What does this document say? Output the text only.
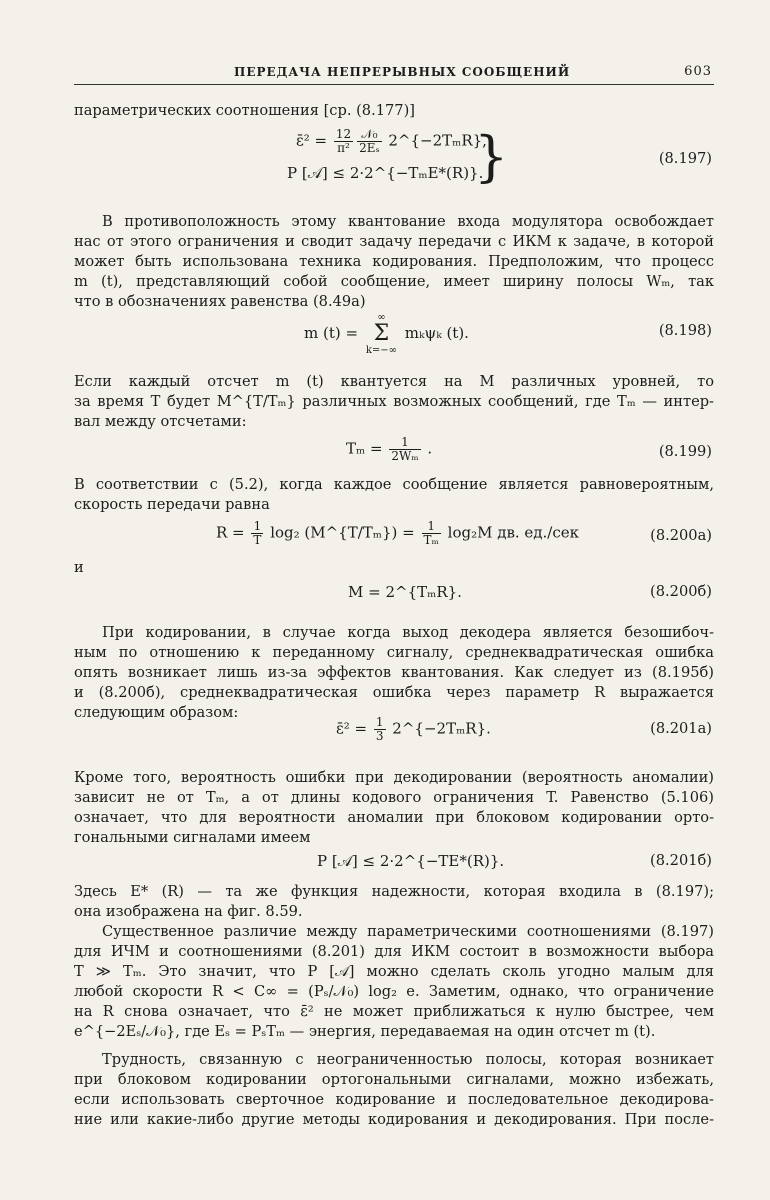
ПЕРЕДАЧА НЕПРЕРЫВНЫХ СООБЩЕНИЙ	603
параметрических соотношения [ср. (8.177)]
ε̄² = $\frac{12}{\text{π²}} \frac{\text{𝒩₀}}{\text{2Eₛ}}$ 2^{−2TₘR},
P [𝒜] ≤ 2·2^{−TₘE*(R)}.
}	(8.197)
В противоположность этому квантование входа модулятора освобождает
нас от этого ограничения и сводит задачу передачи с ИКМ к задаче, в которой
может быть использована техника кодирования. Предположим, что процесс
m (t), представляющий собой сообщение, имеет ширину полосы Wₘ, так
что в обозначениях равенства (8.49а)
m (t) = ∞
Σ
k=−∞ mₖψₖ (t).	(8.198)
Если каждый отсчет m (t) квантуется на M различных уровней, то
за время T будет M^{T/Tₘ} различных возможных сообщений, где Tₘ — интер-
вал между отсчетами:
$T_m = \frac{1}{\text{2Wₘ}}$ .	(8.199)
В соответствии с (5.2), когда каждое сообщение является равновероятным,
скорость передачи равна
$R = \frac{1}{T} \log_2$ (M^{T/Tₘ}) = $\frac{1}{\text{Tₘ}} \log_2M$ дв. ед./сек	(8.200а)
и
M = 2^{TₘR}.	(8.200б)
При кодировании, в случае когда выход декодера является безошибоч-
ным по отношению к переданному сигналу, среднеквадратическая ошибка
опять возникает лишь из-за эффектов квантования. Как следует из (8.195б)
и (8.200б), среднеквадратическая ошибка через параметр R выражается
следующим образом:
ε̄² = $\frac{1}{3}$ 2^{−2TₘR}.	(8.201а)
Кроме того, вероятность ошибки при декодировании (вероятность аномалии)
зависит не от Tₘ, а от длины кодового ограничения T. Равенство (5.106)
означает, что для вероятности аномалии при блоковом кодировании орто-
гональными сигналами имеем
P [𝒜] ≤ 2·2^{−TE*(R)}.	(8.201б)
Здесь E* (R) — та же функция надежности, которая входила в (8.197);
она изображена на фиг. 8.59.
Существенное различие между параметрическими соотношениями (8.197)
для ИЧМ и соотношениями (8.201) для ИКМ состоит в возможности выбора
T ≫ Tₘ. Это значит, что P [𝒜] можно сделать сколь угодно малым для
любой скорости R < C∞ = (Pₛ/𝒩₀) log₂ e. Заметим, однако, что ограничение
на R снова означает, что ε̄² не может приближаться к нулю быстрее, чем
e^{−2Eₛ/𝒩₀}, где Eₛ = PₛTₘ — энергия, передаваемая на один отсчет m (t).
Трудность, связанную с неограниченностью полосы, которая возникает
при блоковом кодировании ортогональными сигналами, можно избежать,
если использовать сверточное кодирование и последовательное декодирова-
ние или какие-либо другие методы кодирования и декодирования. При после-
